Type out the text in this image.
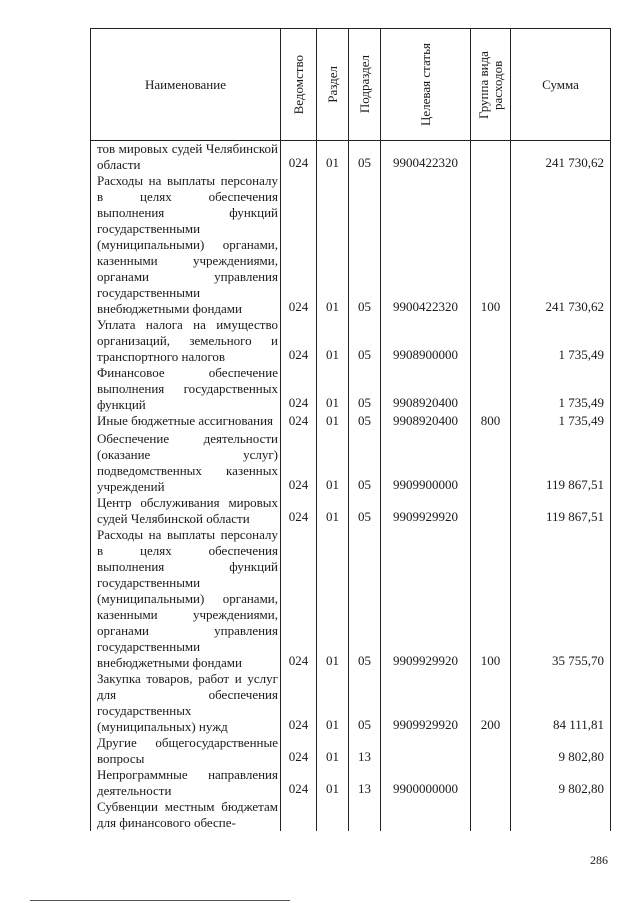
Наименование	Ведомство	Раздел	Подраздел	Целевая статья	Группа вида расходов	Сумма
тов мировых судей Челябинской области	024	01	05	9900422320		241 730,62
Расходы на выплаты персоналу в целях обеспечения выполнения функций государственными (муниципальными) органами, казенными учреждениями, органами управления государственными внебюджетными фондами	024	01	05	9900422320	100	241 730,62
Уплата налога на имущество организаций, земельного и транспортного налогов	024	01	05	9908900000		1 735,49
Финансовое обеспечение выполнения государственных функций	024	01	05	9908920400		1 735,49
Иные бюджетные ассигнования	024	01	05	9908920400	800	1 735,49
Обеспечение деятельности (оказание услуг) подведомственных казенных учреждений	024	01	05	9909900000		119 867,51
Центр обслуживания мировых судей Челябинской области	024	01	05	9909929920		119 867,51
Расходы на выплаты персоналу в целях обеспечения выполнения функций государственными (муниципальными) органами, казенными учреждениями, органами управления государственными внебюджетными фондами	024	01	05	9909929920	100	35 755,70
Закупка товаров, работ и услуг для обеспечения государственных (муниципальных) нужд	024	01	05	9909929920	200	84 111,81
Другие общегосударственные вопросы	024	01	13			9 802,80
Непрограммные направления деятельности	024	01	13	9900000000		9 802,80
Субвенции местным бюджетам для финансового обеспе-						
286
